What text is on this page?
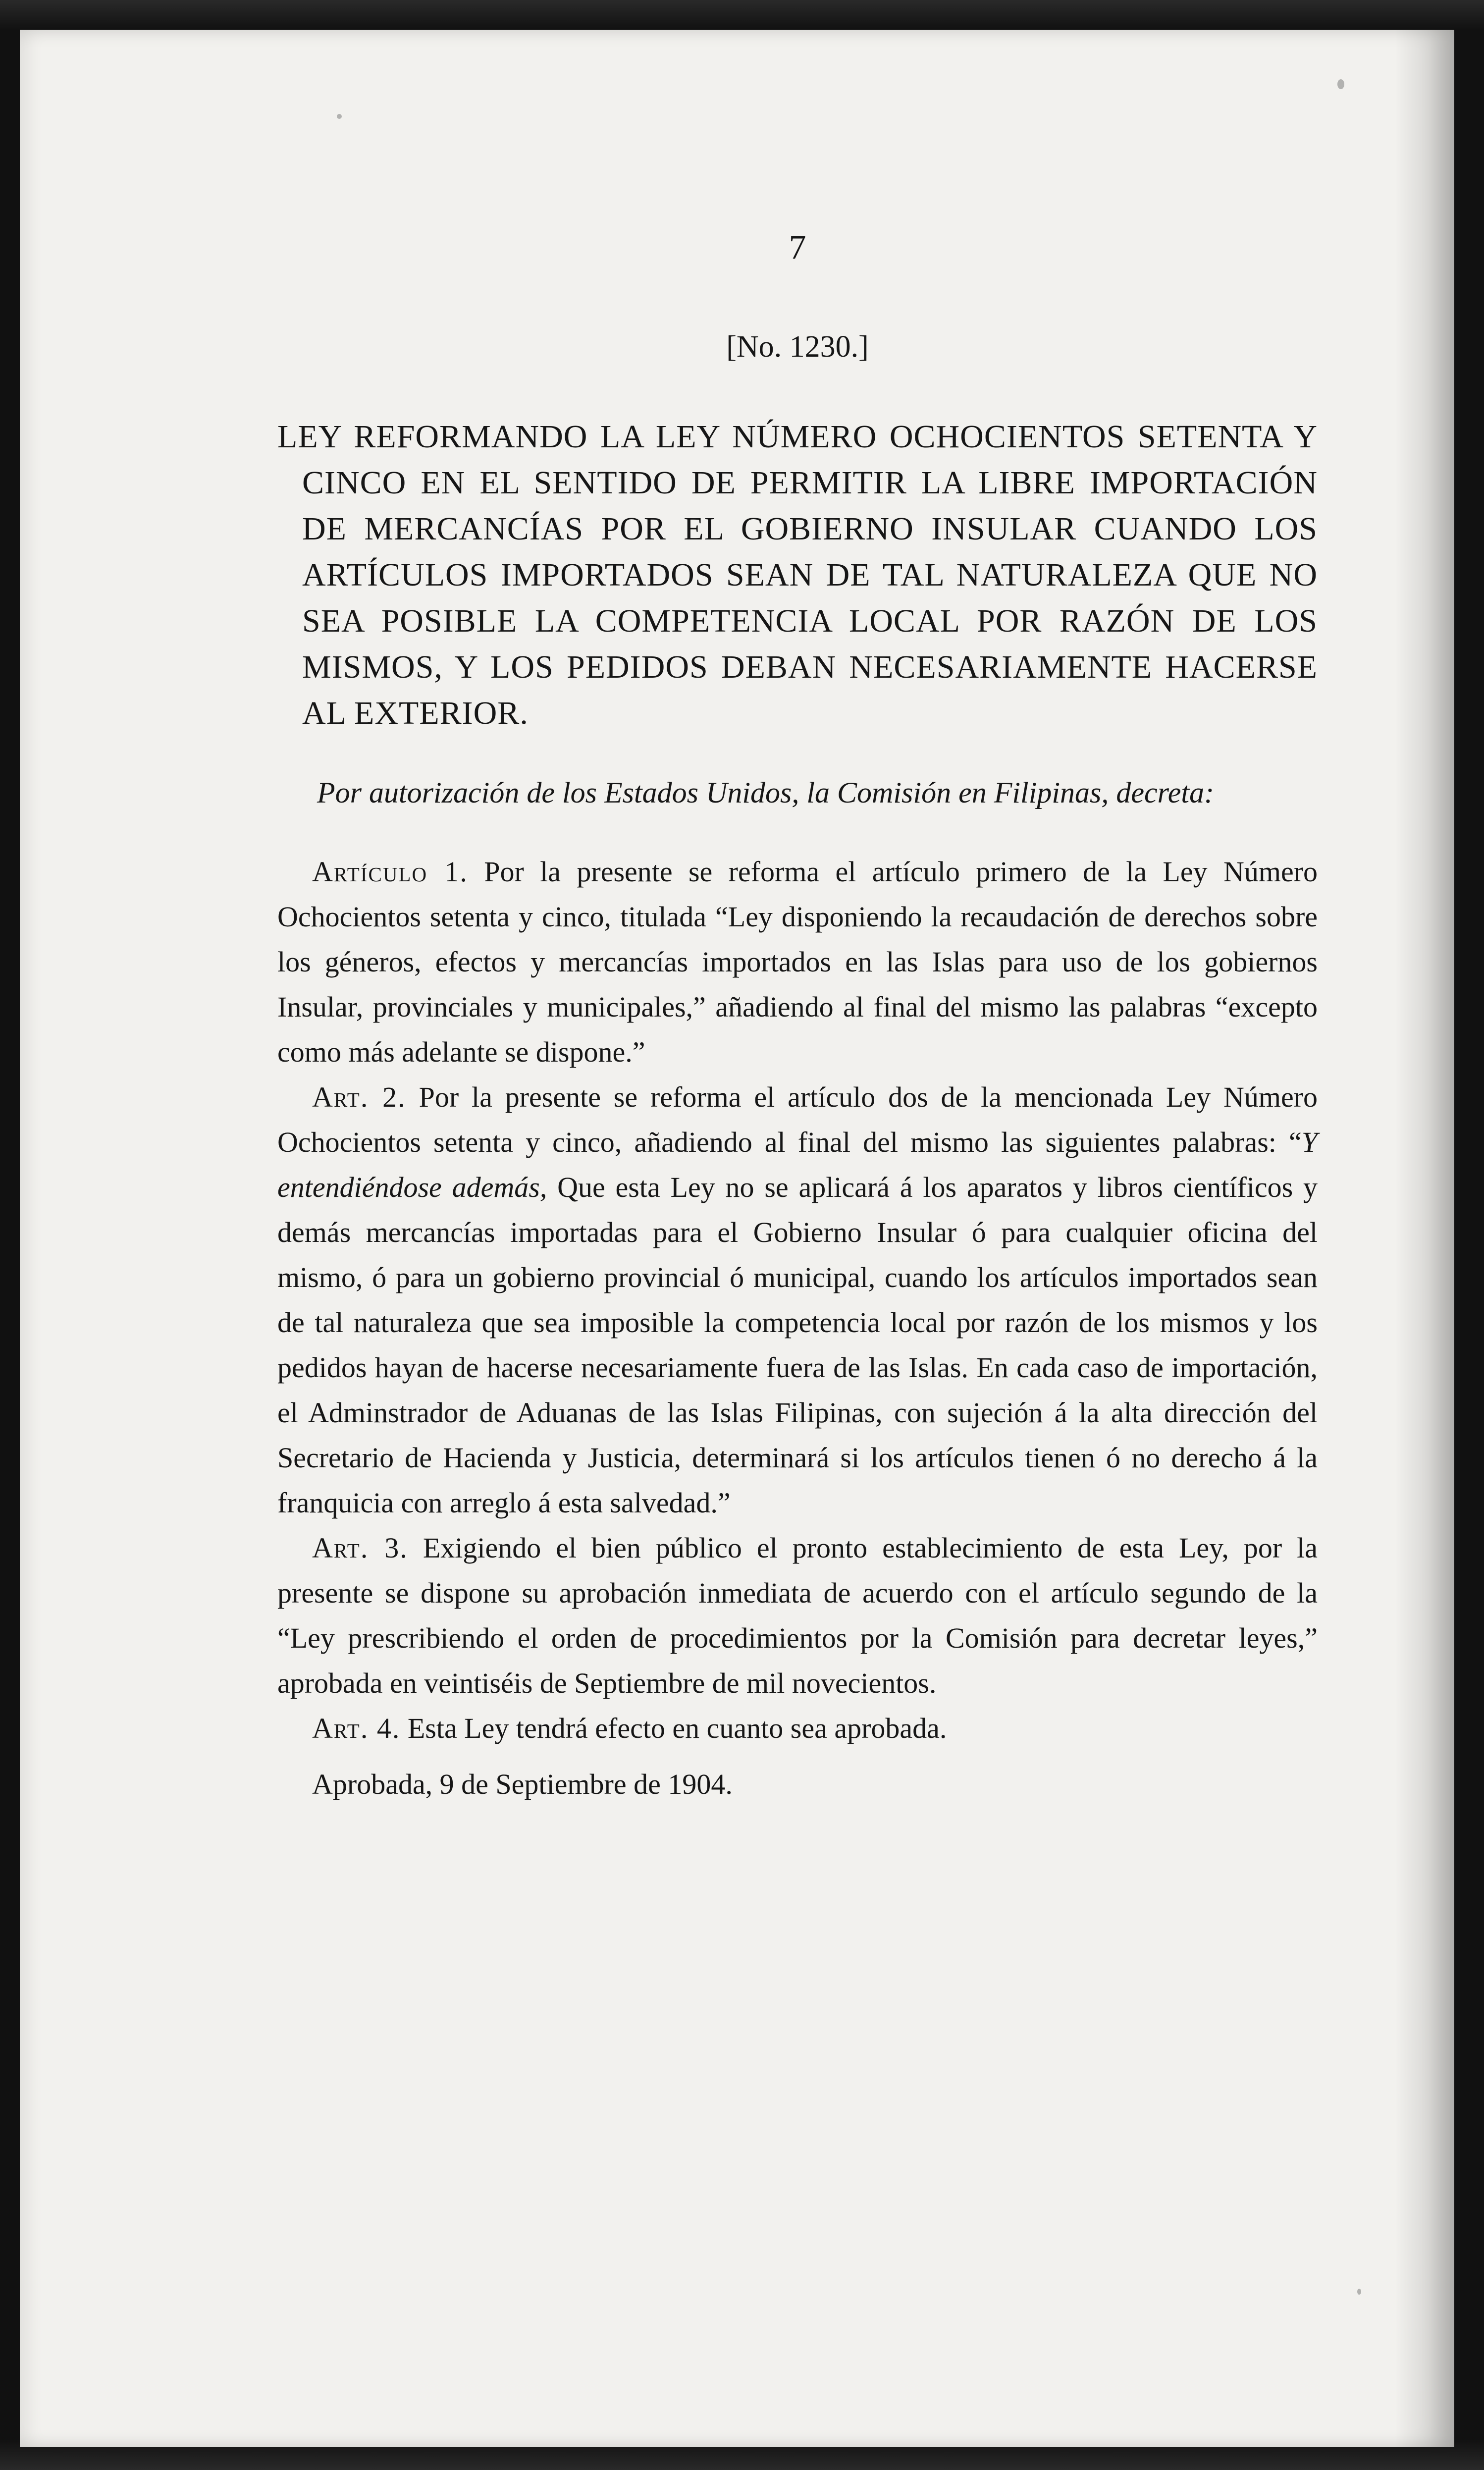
7
[No. 1230.]
LEY REFORMANDO LA LEY NÚMERO OCHOCIENTOS SETENTA Y CINCO EN EL SENTIDO DE PERMITIR LA LIBRE IMPORTACIÓN DE MERCANCÍAS POR EL GOBIERNO INSULAR CUANDO LOS ARTÍCULOS IMPORTADOS SEAN DE TAL NATURALEZA QUE NO SEA POSIBLE LA COMPETENCIA LOCAL POR RAZÓN DE LOS MISMOS, Y LOS PEDIDOS DEBAN NECESARIAMENTE HACERSE AL EXTERIOR.
Por autorización de los Estados Unidos, la Comisión en Filipinas, decreta:

Artículo 1. Por la presente se reforma el artículo primero de la Ley Número Ochocientos setenta y cinco, titulada “Ley disponiendo la recaudación de derechos sobre los géneros, efectos y mercancías importados en las Islas para uso de los gobiernos Insular, provinciales y municipales,” añadiendo al final del mismo las palabras “excepto como más adelante se dispone.”

Art. 2. Por la presente se reforma el artículo dos de la mencionada Ley Número Ochocientos setenta y cinco, añadiendo al final del mismo las siguientes palabras: “Y entendiéndose además, Que esta Ley no se aplicará á los aparatos y libros científicos y demás mercancías importadas para el Gobierno Insular ó para cualquier oficina del mismo, ó para un gobierno provincial ó municipal, cuando los artículos importados sean de tal naturaleza que sea imposible la competencia local por razón de los mismos y los pedidos hayan de hacerse necesariamente fuera de las Islas. En cada caso de importación, el Adminstrador de Aduanas de las Islas Filipinas, con sujeción á la alta dirección del Secretario de Hacienda y Justicia, determinará si los artículos tienen ó no derecho á la franquicia con arreglo á esta salvedad.”

Art. 3. Exigiendo el bien público el pronto establecimiento de esta Ley, por la presente se dispone su aprobación inmediata de acuerdo con el artículo segundo de la “Ley prescribiendo el orden de procedimientos por la Comisión para decretar leyes,” aprobada en veintiséis de Septiembre de mil novecientos.

Art. 4. Esta Ley tendrá efecto en cuanto sea aprobada.

Aprobada, 9 de Septiembre de 1904.
